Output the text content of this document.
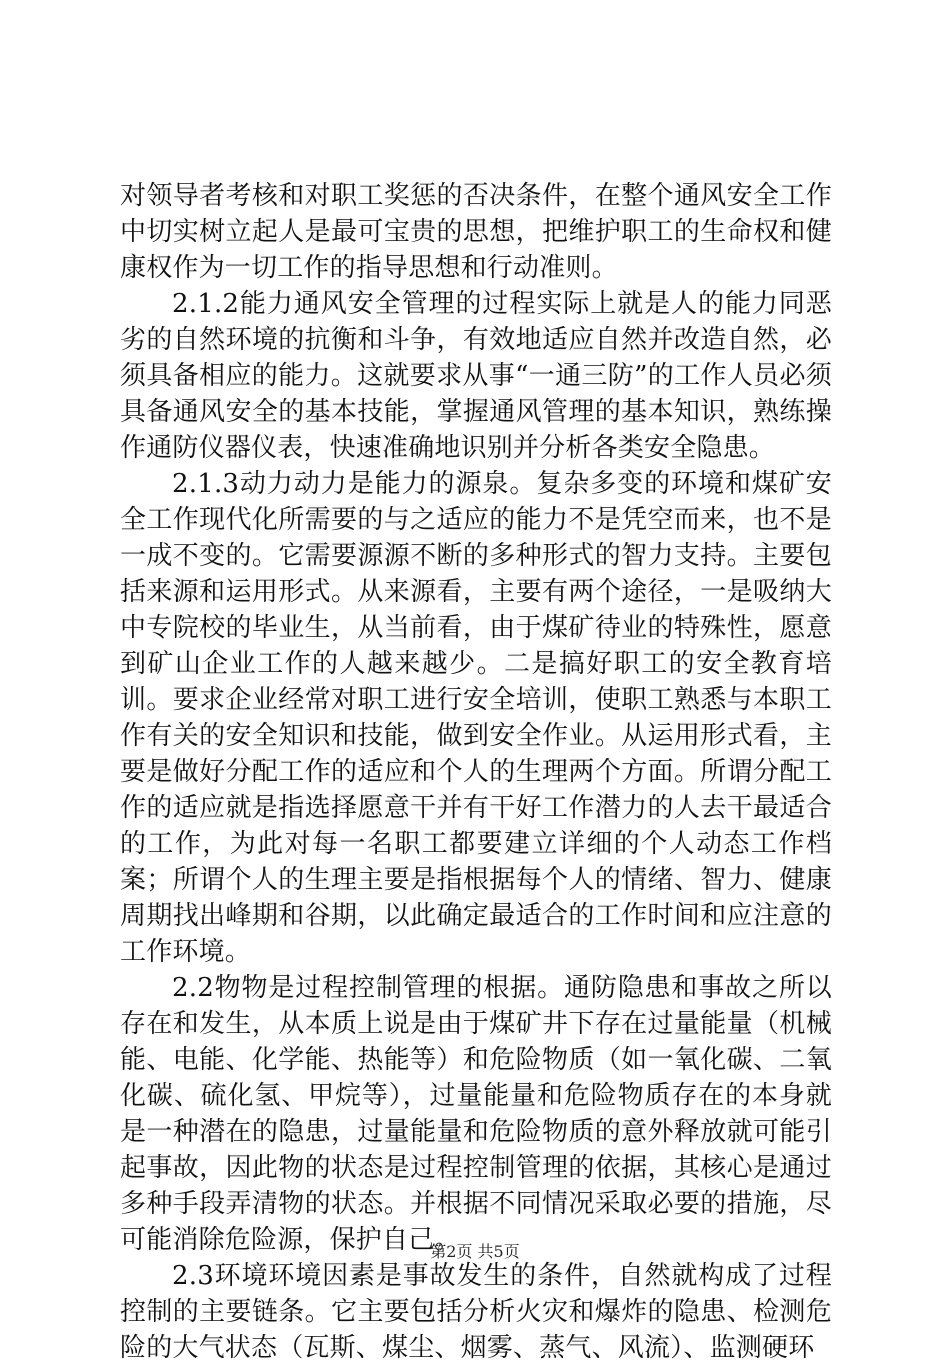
对领导者考核和对职工奖惩的否决条件，在整个通风安全工作中切实树立起人是最可宝贵的思想，把维护职工的生命权和健康权作为一切工作的指导思想和行动准则。

2.1.2能力通风安全管理的过程实际上就是人的能力同恶劣的自然环境的抗衡和斗争，有效地适应自然并改造自然，必须具备相应的能力。这就要求从事“一通三防”的工作人员必须具备通风安全的基本技能，掌握通风管理的基本知识，熟练操作通防仪器仪表，快速准确地识别并分析各类安全隐患。

2.1.3动力动力是能力的源泉。复杂多变的环境和煤矿安全工作现代化所需要的与之适应的能力不是凭空而来，也不是一成不变的。它需要源源不断的多种形式的智力支持。主要包括来源和运用形式。从来源看，主要有两个途径，一是吸纳大中专院校的毕业生，从当前看，由于煤矿待业的特殊性，愿意到矿山企业工作的人越来越少。二是搞好职工的安全教育培训。要求企业经常对职工进行安全培训，使职工熟悉与本职工作有关的安全知识和技能，做到安全作业。从运用形式看，主要是做好分配工作的适应和个人的生理两个方面。所谓分配工作的适应就是指选择愿意干并有干好工作潜力的人去干最适合的工作，为此对每一名职工都要建立详细的个人动态工作档案；所谓个人的生理主要是指根据每个人的情绪、智力、健康周期找出峰期和谷期，以此确定最适合的工作时间和应注意的工作环境。

2.2物物是过程控制管理的根据。通防隐患和事故之所以存在和发生，从本质上说是由于煤矿井下存在过量能量（机械能、电能、化学能、热能等）和危险物质（如一氧化碳、二氧化碳、硫化氢、甲烷等），过量能量和危险物质存在的本身就是一种潜在的隐患，过量能量和危险物质的意外释放就可能引起事故，因此物的状态是过程控制管理的依据，其核心是通过多种手段弄清物的状态。并根据不同情况采取必要的措施，尽可能消除危险源，保护自己。

2.3环境环境因素是事故发生的条件，自然就构成了过程控制的主要链条。它主要包括分析火灾和爆炸的隐患、检测危险的大气状态（瓦斯、煤尘、烟雾、蒸气、风流）、监测硬环

第2页 共5页
